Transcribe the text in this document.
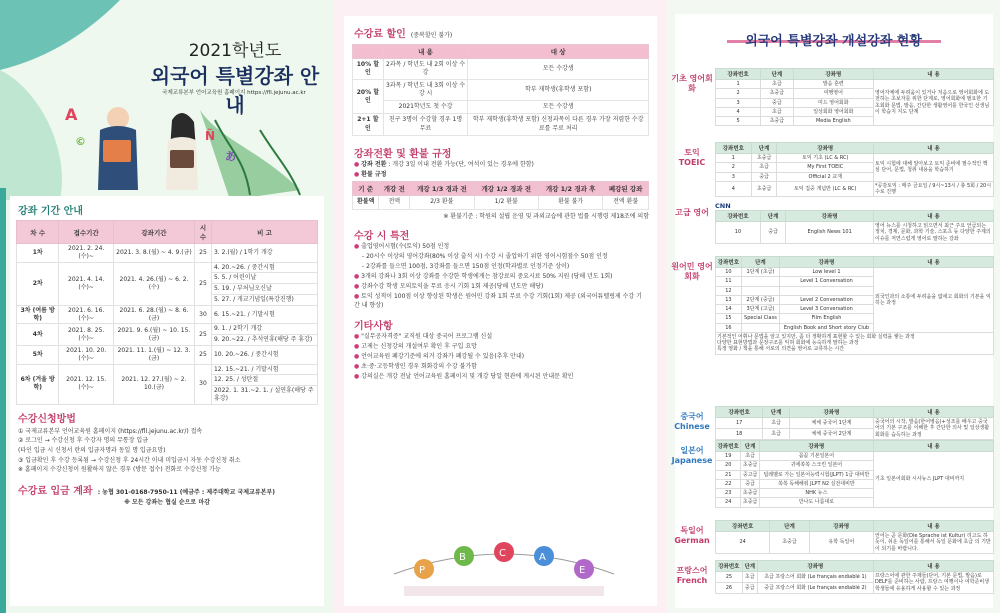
A
Ñ
©
あ
2021학년도
외국어 특별강좌 안내
국제교류본부 언어교육원 홈페이지 https://fll.jejunu.ac.kr
강좌 기간 안내
차 수	접수기간	강좌기간	시 수	비 고
1차	2021. 2. 24.(수)~	2021. 3. 8.(월) ~ 4. 9.(금)	25	3. 2.(월) / 1학기 개강
2차	2021. 4. 14.(수)~	2021. 4. 26.(월) ~ 6. 2.(수)	25	4. 20.~26. / 중간시험
				5. 5. / 어린이날
				5. 19. / 부처님오신날
				5. 27. / 개교기념일(특강진행)
3차 (여름 방학)	2021. 6. 16.(수)~	2021. 6. 28.(월) ~ 8. 6.(금)	30	6. 15.~21. / 기말시험
4차	2021. 8. 25.(수)~	2021. 9. 6.(월) ~ 10. 15.(금)	25	9. 1. / 2학기 개강
				9. 20.~22. / 추석연휴(해당 주 휴강)
5차	2021. 10. 20.(수)~	2021. 11. 1.(월) ~ 12. 3.(금)	25	10. 20.~26. / 중간시험
6차 (겨울 방학)	2021. 12. 15.(수)~	2021. 12. 27.(월) ~ 2. 10.(금)	30	12. 15.~21. / 기말시험
				12. 25. / 성탄절
				2022. 1. 31.~2. 1. / 설연휴(해당 주 휴강)
수강신청방법
① 국제교류본부 언어교육원 홈페이지 (https://fll.jejunu.ac.kr/) 접속
② 로그인 → 수강신청 후 수강자 명의 무통장 입금
(타인 입금 시 신청서 란의 입금자명과 동일 명 입금요망)
③ 입금확인 후 수강 등록됨 → 수강신청 후 24시간 이내 미입금시 자동 수강신청 취소
※ 홈페이지 수강신청이 원활하지 않은 경우 (방문 접수) 전화로 수강신청 가능
수강료 입금 계좌 : 농협 301-0168-7950-11 (예금주 : 제주대학교 국제교류본부)
※ 모든 강좌는 협실 순으로 마감
수강료 할인 (중복할인 불가)
	내 용	대 상
10% 할인	2과목 / 학년도 내 2회 이상 수강	모든 수강생
20% 할인	3과목 / 학년도 내 3회 이상 수강 시	학부 재학생(휴학생 포함)
	2021학년도 첫 수강	모든 수강생
2+1 할인	친구 3명이 수강할 경우 1명 무료	학부 재학생(휴학생 포함) 신청과목이 다른 경우 가장 저렴한 수강료를 무료 처리
강좌전환 및 환불 규정
● 강좌 전환 : 개강 3일 이내 전환 가능(단, 여석이 있는 경우에 한함)
● 환불 규정
기 준	개강 전	개강 1/3 경과 전	개강 1/2 경과 전	개강 1/2 경과 후	폐강된 강좌
환불액	전액	2/3 환불	1/2 환불	환불 불가	전액 환불
※ 환불기준 : 학원의 설립 운영 및 과외교습에 관한 법률 시행령 제18조에 의함
수강 시 특전
● 출업영어시험(수(토익) 50점 인정
- 20시수 이상의 영어강좌(80% 이상 출석 시) 수강 시 졸업하기 위한 영어시험점수 50점 인정
- 2강좌를 들으면 100점, 3강좌를 들으면 150점 인정(학과별로 인정기준 상이)
● 3개의 강좌나 3회 이상 강좌를 수강한 학생에게는 참강료의 중요시료 50% 지원 (당해 년도 1회)
● 강좌수강 학생 모의토익을 무료 응시 기회 1회 제공(당해 년도만 해당)
● 토익 성적이 100점 이상 향상된 학생은 원어민 강좌 1회 무료 수강 기회(1회) 제공 (외국어튜텔링제 수강 기간 내 향상)
기타사항
● "실무공자격증" 교직원 대상 중국어 프로그램 신설
● 고제는 신청강의 개설여부 확인 후 구입 요망
● 언어교육원 폐강기준에 의거 강좌가 폐강될 수 있음(추후 안내)
● 초·중·고등학생인 경우 회화강의 수강 불가함
● 강의실은 개강 전날 언어교육원 홈페이지 및 개강 당일 현관에 게시된 안내문 확인
P
B	C	A
E
외국어 특별강좌 개설강좌 현황
기초 영어회화
강좌번호	단계	강좌명	내 용
1	초급	발음 훈련	영어자체에 두려움이 있거나 처음으로 영어회화에 도전하는 초보자를 위한 단계로, 영어회화에 필요한 기초회화 문법, 발음, 간단한 생활영어를 한국인 선생님이 학습지 지도 단계
2	초중급	여행영어	
3	중급	미드 영어회화	
4	초급	일상회화 영어회화	
5	초중급	Media English	
토익 TOEIC
강좌번호	단계	강좌명	내 용
1	초중급	토익 기초 (LC & RC)	토익 시험에 대해 알아보고 토익 준비에 필수적인 핵심 단어, 문법, 청취 내용을 학습하기
2	초급	My First TOEIC	
3	중급	Official 2 교재	
4	초중급	토익 집중 개념반 (LC & RC)	*공감토익 : 매주 금요일 / 9시~13시 / 총 5회 / 20시수로 진행
고급 영어
CNN
강좌번호	단계	강좌명	내 용
10	중급	English News 101	영어 뉴스를 시청하고 읽으면서 최근 주요 언급되는 정치, 경제, 문화, 과학 기술, 스포츠 등 다양한 주제의 이슈를 저연스럽게 영어로 말하는 강좌
원어민 영어 회화
강좌번호	단계	강좌명	내 용
10	1단계 (초급)	Low level 1	외국인과의 소통에 두려움을 없애고 회화의 기본을 익히는 과정
11		Level 1 Conversation	
12			
13	2단계 (중급)	Level 2 Conversation	
14	3단계 (고급)	Level 3 Conversation	
15	Special Class	Film English	
16		English Book and Short story Club	

기본적인 어휘나 문법을 알고 있지만, 좀 더 정확하게 표현할 수 있는 회화 실력을 쌓는 과정
다양한 표현방법과 문장구조를 익혀 회화에 능숙하게 말하는 과정
특정 영화 / 책을 통해 서로의 의견을 영어로 교류하는 시간			
중국어 Chinese
강좌번호	단계	강좌명	내 용
17	초급	체체 중국어 1단계	중국어의 시작, 발음(한어병음)+성조를 배우고 중국어의 기본 구조를 이해한 후 간단한 의사 및 일상생활 회화를 습득하는 과정
18	초급	체체 중국어 2단계	
일본어 Japanese
강좌번호	단계	강좌명	내 용
19	초급	꼼꼼 기본일본어	기초 일본어회화 시사뉴스 JLPT 대비까지
20	초중급	귀에쏙쏙 스크린 일본어	
21	중고급	팁레벨로 가는 일본어능력시험(JLPT) 1급 대비반	
22	중급	쏙쏙 독해해줘 JLPT N2 실전대비반	
23	초중급	NHK 뉴스	
24	초중급	만나도 나름대로	
독일어 German
강좌번호	단계	강좌명	내 용
24	초중급	유학 독일어	언어는 곧 문화(Die Sprache ist Kultur) 리고도 하듯이, 쉬운 독일어를 통해서 독일 문화에 초급 의 기반이 되기를 바랍니다.
프랑스어 French
강좌번호	단계	강좌명	내 용
25	초급	초급 프랑스어 회화 (Le français endiablé 1)	프랑스어에 관한 주제들(단어, 기본 문법, 발음)로 DELF를 준비하는 사람, 프랑스 여행이나 여학준비생 학생들에 유용하게 사용할 수 있는 과정
26	중급	중급 프랑스어 회화 (Le français endiablé 2)	
